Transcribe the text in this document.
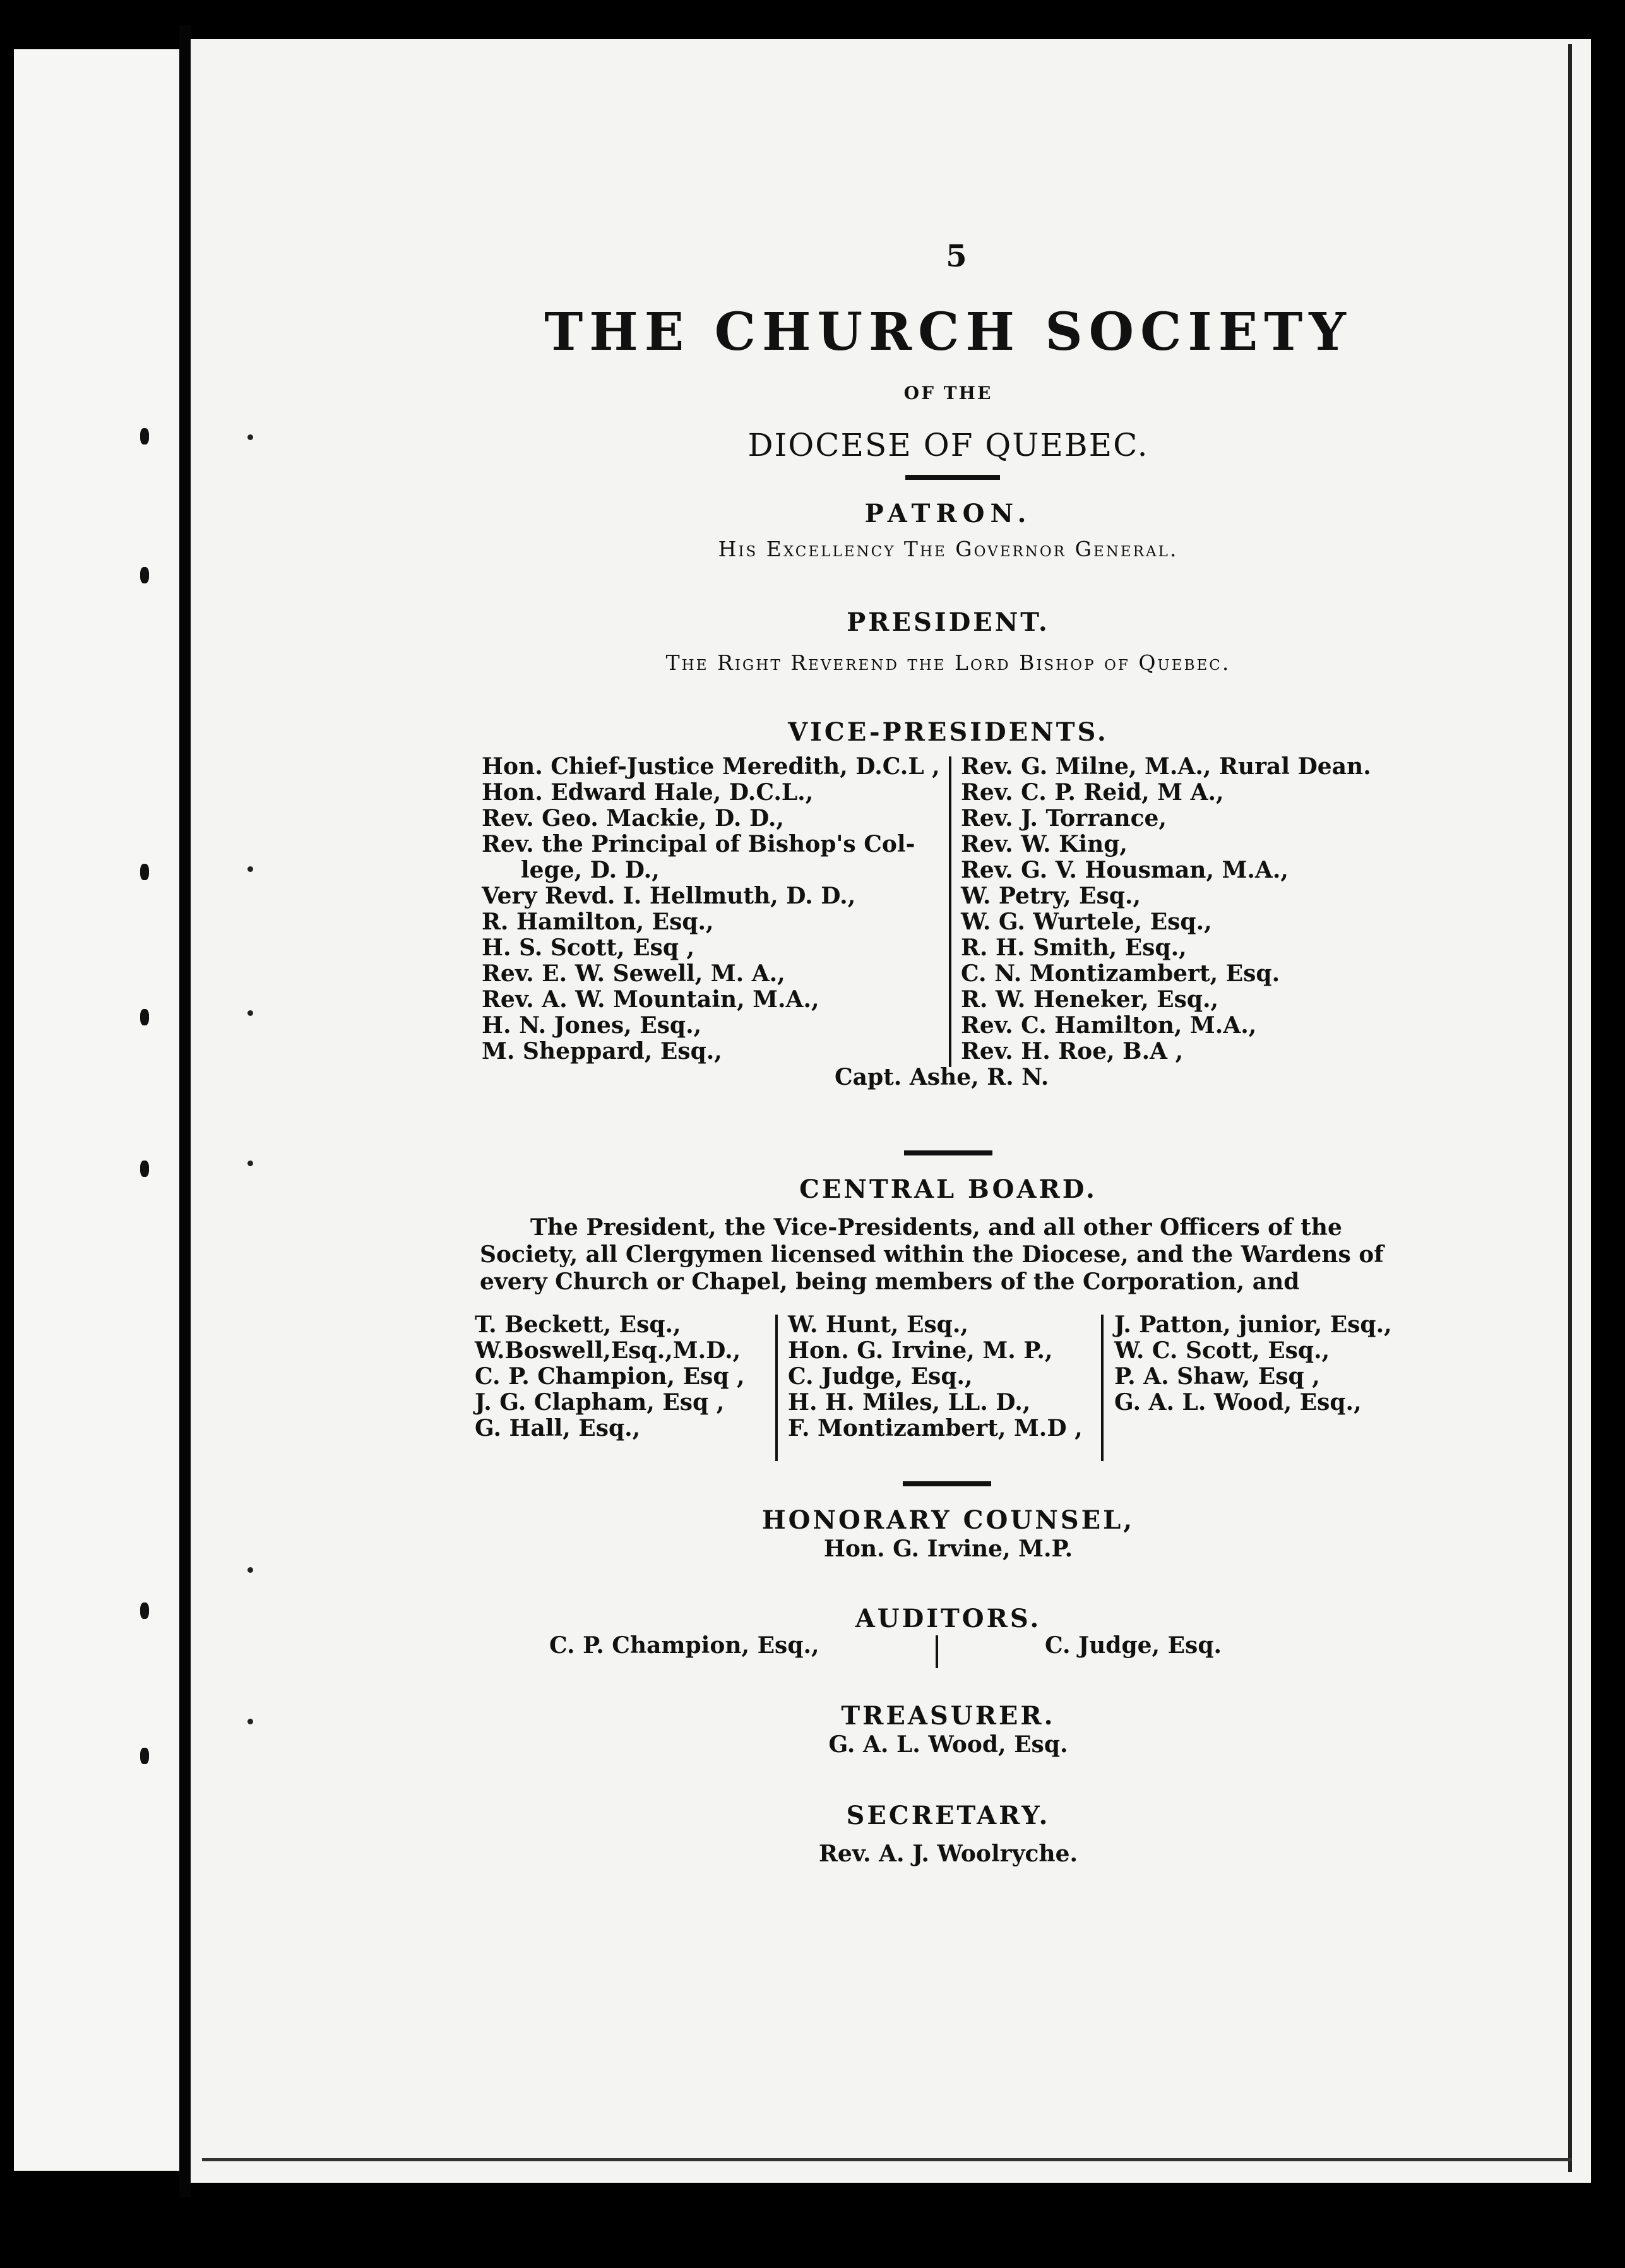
5
THE CHURCH SOCIETY
OF THE
DIOCESE OF QUEBEC.
PATRON.
His Excellency The Governor General.
PRESIDENT.
The Right Reverend the Lord Bishop of Quebec.
VICE-PRESIDENTS.
Hon. Chief-Justice Meredith, D.C.L ,
Hon. Edward Hale, D.C.L.,
Rev. Geo. Mackie, D. D.,
Rev. the Principal of Bishop's Col-
lege, D. D.,
Very Revd. I. Hellmuth, D. D.,
R. Hamilton, Esq.,
H. S. Scott, Esq ,
Rev. E. W. Sewell, M. A.,
Rev. A. W. Mountain, M.A.,
H. N. Jones, Esq.,
M. Sheppard, Esq.,
Rev. G. Milne, M.A., Rural Dean.
Rev. C. P. Reid, M A.,
Rev. J. Torrance,
Rev. W. King,
Rev. G. V. Housman, M.A.,
W. Petry, Esq.,
W. G. Wurtele, Esq.,
R. H. Smith, Esq.,
C. N. Montizambert, Esq.
R. W. Heneker, Esq.,
Rev. C. Hamilton, M.A.,
Rev. H. Roe, B.A ,
Capt. Ashe, R. N.
CENTRAL BOARD.
The President, the Vice-Presidents, and all other Officers of the
Society, all Clergymen licensed within the Diocese, and the Wardens of
every Church or Chapel, being members of the Corporation, and
T. Beckett, Esq.,
W.Boswell,Esq.,M.D.,
C. P. Champion, Esq ,
J. G. Clapham, Esq ,
G. Hall, Esq.,
W. Hunt, Esq.,
Hon. G. Irvine, M. P.,
C. Judge, Esq.,
H. H. Miles, LL. D.,
F. Montizambert, M.D ,
J. Patton, junior, Esq.,
W. C. Scott, Esq.,
P. A. Shaw, Esq ,
G. A. L. Wood, Esq.,
HONORARY COUNSEL,
Hon. G. Irvine, M.P.
AUDITORS.
C. P. Champion, Esq.,	C. Judge, Esq.
TREASURER.
G. A. L. Wood, Esq.
SECRETARY.
Rev. A. J. Woolryche.
